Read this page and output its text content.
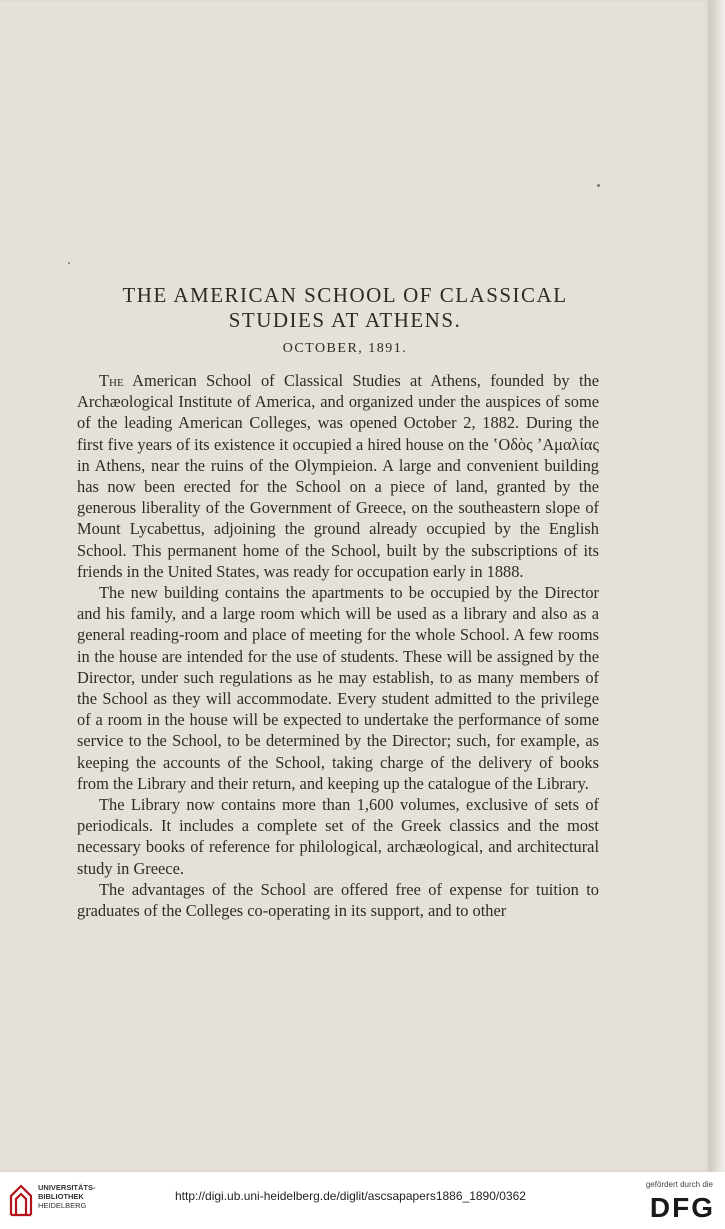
THE AMERICAN SCHOOL OF CLASSICAL
STUDIES AT ATHENS.
OCTOBER, 1891.

The American School of Classical Studies at Athens, founded by the Archæological Institute of America, and organized under the auspices of some of the leading American Colleges, was opened October 2, 1882. During the first five years of its existence it occupied a hired house on the ʽΟδὸς ʼΑμαλίας in Athens, near the ruins of the Olympieion. A large and convenient building has now been erected for the School on a piece of land, granted by the generous liberality of the Government of Greece, on the southeastern slope of Mount Lycabettus, adjoining the ground already occupied by the English School. This permanent home of the School, built by the subscriptions of its friends in the United States, was ready for occupation early in 1888.

The new building contains the apartments to be occupied by the Director and his family, and a large room which will be used as a library and also as a general reading-room and place of meeting for the whole School. A few rooms in the house are intended for the use of students. These will be assigned by the Director, under such regulations as he may establish, to as many members of the School as they will accommodate. Every student admitted to the privilege of a room in the house will be expected to undertake the performance of some service to the School, to be determined by the Director; such, for example, as keeping the accounts of the School, taking charge of the delivery of books from the Library and their return, and keeping up the catalogue of the Library.

The Library now contains more than 1,600 volumes, exclusive of sets of periodicals. It includes a complete set of the Greek classics and the most necessary books of reference for philological, archæological, and architectural study in Greece.

The advantages of the School are offered free of expense for tuition to graduates of the Colleges co-operating in its support, and to other

UNIVERSITÄTS-
BIBLIOTHEK
HEIDELBERG
http://digi.ub.uni-heidelberg.de/diglit/ascsapapers1886_1890/0362
gefördert durch die
DFG
